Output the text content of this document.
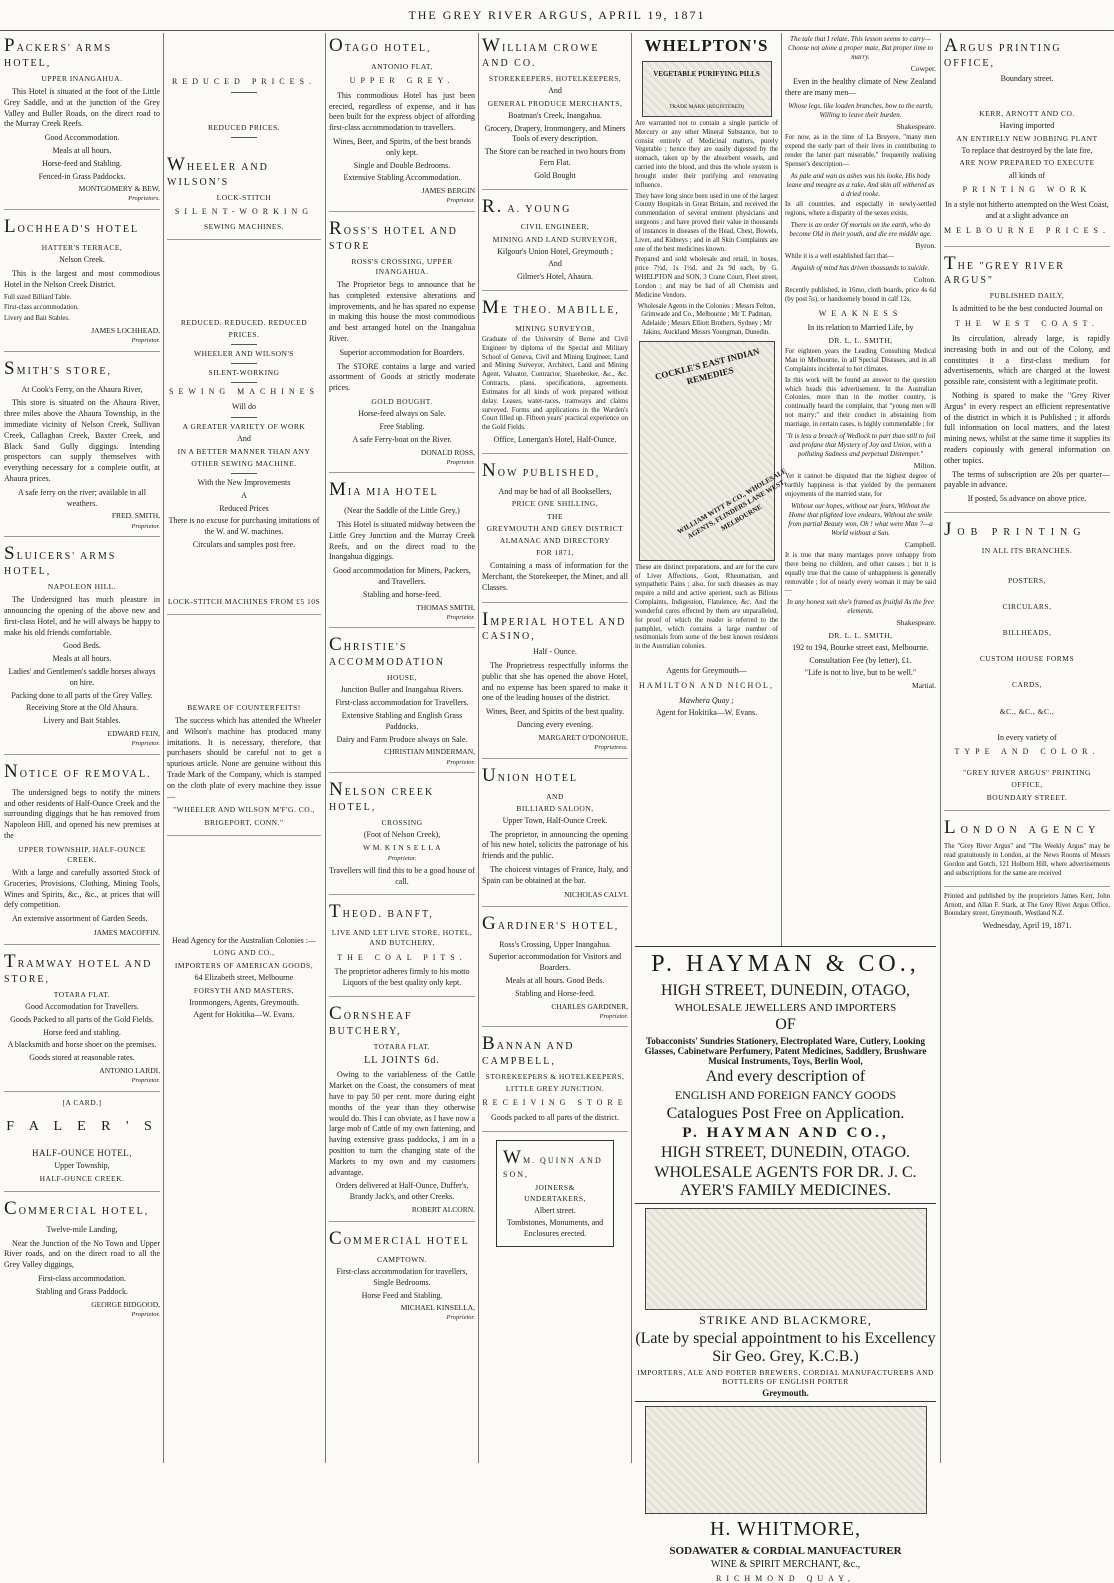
THE GREY RIVER ARGUS, APRIL 19, 1871
PACKERS' ARMS HOTEL,
UPPER INANGAHUA.
This Hotel is situated at the foot of the Little Grey Saddle, and at the junction of the Grey Valley and Buller Roads, on the direct road to the Murray Creek Reefs.
Good Accommodation.
Meals at all hours.
Horse-feed and Stabling.
Fenced-in Grass Paddocks.
MONTGOMERY & BEW,
Proprietors.
LOCHHEAD'S HOTEL
HATTER'S TERRACE,
Nelson Creek.
This is the largest and most commodious Hotel in the Nelson Creek District.
Full sized Billiard Table.
First-class accommodation.
Livery and Bait Stables.
JAMES LOCHHEAD,
Proprietor.
SMITH'S STORE,
At Cook's Ferry, on the Ahaura River,
This store is situated on the Ahaura River, three miles above the Ahaura Township, in the immediate vicinity of Nelson Creek, Sullivan Creek, Callaghan Creek, Baxter Creek, and Black Sand Gully diggings. Intending prospectors can supply themselves with everything necessary for a complete outfit, at Ahaura prices.
A safe ferry on the river; available in all weathers.
FRED. SMITH,
Proprietor.
SLUICERS' ARMS HOTEL,
NAPOLEON HILL.
The Undersigned has much pleasure in announcing the opening of the above new and first-class Hotel, and he will always be happy to make his old friends comfortable.
Good Beds.
Meals at all hours.
Ladies' and Gentlemen's saddle horses always on hire.
Packing done to all parts of the Grey Valley.
Receiving Store at the Old Ahaura.
Livery and Bait Stables.
EDWARD FEIN,
Proprietor.
NOTICE OF REMOVAL.
The undersigned begs to notify the miners and other residents of Half-Ounce Creek and the surrounding diggings that he has removed from Napoleon Hill, and opened his new premises at the
UPPER TOWNSHIP, HALF-OUNCE CREEK.
With a large and carefully assorted Stock of Groceries, Provisions, Clothing, Mining Tools, Wines and Spirits, &c., &c., at prices that will defy competition.
An extensive assortment of Garden Seeds.
JAMES MACOFFIN.
TRAMWAY HOTEL AND STORE,
TOTARA FLAT.
Good Accomodation for Travellers.
Goods Packed to all parts of the Gold Fields.
Horse feed and stabling.
A blacksmith and horse shoer on the premises.
Goods stored at reasonable rates.
ANTONIO LARDI,
Proprietor.
[A CARD.]
F A L E R ' S
HALF-OUNCE HOTEL,
Upper Township,
HALF-OUNCE CREEK.
COMMERCIAL HOTEL,
Twelve-mile Landing,
Near the Junction of the No Town and Upper River roads, and on the direct road to all the Grey Valley diggings,
First-class accommodation.
Stabling and Grass Paddock.
GEORGE BIDGOOD,
Proprietor.
REDUCED PRICES.
REDUCED PRICES.
WHEELER AND WILSON'S
LOCK-STITCH
SILENT-WORKING
SEWING MACHINES.
REDUCED. REDUCED. REDUCED
PRICES.
WHEELER AND WILSON'S
SILENT-WORKING
SEWING MACHINES
Will do
A GREATER VARIETY OF WORK
And
IN A BETTER MANNER THAN ANY
OTHER SEWING MACHINE.
With the New Improvements
A
Reduced Prices
There is no excuse for purchasing imitations of the W. and W. machines.
Circulars and samples post free.
LOCK-STITCH MACHINES FROM £5 10S
BEWARE OF COUNTERFEITS!
The success which has attended the Wheeler and Wilson's machine has produced many imitations. It is necessary, therefore, that purchasers should be careful not to get a spurious article. None are genuine without this Trade Mark of the Company, which is stamped on the cloth plate of every machine they issue—
"WHEELER AND WILSON M'F'G. CO.,
BRIGEPORT, CONN."
Head Agency for the Australian Colonies :—
LONG AND CO.,
IMPORTERS OF AMERICAN GOODS,
64 Elizabeth street, Melbourne
FORSYTH AND MASTERS,
Ironmongers, Agents, Greymouth.
Agent for Hokitika—W. Evans.
OTAGO HOTEL,
ANTONIO FLAT,
UPPER GREY.
This commodious Hotel has just been erected, regardless of expense, and it has been built for the express object of affording first-class accommodation to travellers.
Wines, Beer, and Spirits, of the best brands only kept.
Single and Double Bedrooms.
Extensive Stabling Accommodation.
JAMES BERGIN
Proprietor.
ROSS'S HOTEL AND STORE
ROSS'S CROSSING, UPPER INANGAHUA.
The Proprietor begs to announce that he has completed extensive alterations and improvements, and he has spared no expense in making this house the most commodious and best arranged hotel on the Inangahua River.
Superior accommodation for Boarders.
The STORE contains a large and varied assortment of Goods at strictly moderate prices.
GOLD BOUGHT.
Horse-feed always on Sale.
Free Stabling.
A safe Ferry-boat on the River.
DONALD ROSS,
Proprietor.
MIA MIA HOTEL
(Near the Saddle of the Little Grey.)
This Hotel is situated midway between the Little Grey Junction and the Murray Creek Reefs, and on the direct road to the Inangahua diggings.
Good accommodation for Miners, Packers, and Travellers.
Stabling and horse-feed.
THOMAS SMITH,
Proprietor.
CHRISTIE'S ACCOMMODATION
HOUSE,
Junction Buller and Inangahua Rivers.
First-class accommodation for Travellers.
Extensive Stabling and English Grass Paddocks.
Dairy and Farm Produce always on Sale.
CHRISTIAN MINDERMAN,
Proprietor.
NELSON CREEK HOTEL,
CROSSING
(Foot of Nelson Creek),
W M. K I N S E L L A
Proprietor.
Travellers will find this to be a good house of call.
THEOD. BANFT,
LIVE AND LET LIVE STORE, HOTEL, AND BUTCHERY,
THE COAL PITS.
The proprietor adheres firmly to his motto Liquors of the best quality only kept.
CORNSHEAF BUTCHERY,
TOTARA FLAT.
LL JOINTS 6d.
Owing to the variableness of the Cattle Market on the Coast, the consumers of meat have to pay 50 per cent. more during eight months of the year than they otherwise would do. This I can obviate, as I have now a large mob of Cattle of my own fattening, and having extensive grass paddocks, I am in a position to turn the changing state of the Markets to my own and my customers advantage.
Orders delivered at Half-Ounce, Duffer's, Brandy Jack's, and other Creeks.
ROBERT ALCORN.
COMMERCIAL HOTEL
CAMPTOWN.
First-class accommodation for travellers, Single Bedrooms.
Horse Feed and Stabling.
MICHAEL KINSELLA,
Proprietor.
WILLIAM CROWE AND CO.
STOREKEEPERS, HOTELKEEPERS,
And
GENERAL PRODUCE MERCHANTS,
Boatman's Creek, Inangahua.
Grocery, Drapery, Ironmongery, and Miners Tools of every description.
The Store can be reached in two hours from Fern Flat.
Gold Bought
R. A. YOUNG
CIVIL ENGINEER,
MINING AND LAND SURVEYOR,
Kilgour's Union Hotel, Greymouth ;
And
Gilmer's Hotel, Ahaura.
ME THEO. MABILLE,
MINING SURVEYOR,
Graduate of the University of Berne and Civil Engineer by diploma of the Special and Military School of Geneva, Civil and Mining Engineer, Land and Mining Surveyor, Architect, Land and Mining Agent, Valuator, Contractor, Sharebroker, &c., &c. Contracts, plans, specifications, agreements. Estimates for all kinds of work prepared without delay. Leases, water-races, tramways and claims surveyed. Forms and applications in the Warden's Court filled up. Fifteen years' practical experience on the Gold Fields.
Office, Lonergan's Hotel, Half-Ounce.
NOW PUBLISHED,
And may be had of all Booksellers,
PRICE ONE SHILLING,
THE
GREYMOUTH AND GREY DISTRICT
ALMANAC AND DIRECTORY
FOR 1871,
Containing a mass of information for the Merchant, the Storekeeper, the Miner, and all Classes.
IMPERIAL HOTEL AND CASINO,
Half - Ounce.
The Proprietress respectfully informs the public that she has opened the above Hotel, and no expense has been spared to make it one of the leading houses of the district.
Wines, Beer, and Spirits of the best quality.
Dancing every evening.
MARGARET O'DONOHUE,
Proprietress.
UNION HOTEL
AND
BILLIARD SALOON,
Upper Town, Half-Ounce Creek.
The proprietor, in announcing the opening of his new hotel, solicits the patronage of his friends and the public.
The choicest vintages of France, Italy, and Spain can be obtained at the bar.
NICHOLAS CALVI.
GARDINER'S HOTEL,
Ross's Crossing, Upper Inangahua.
Superior accommodation for Visitors and Boarders.
Meals at all hours. Good Beds.
Stabling and Horse-feed.
CHARLES GARDINER,
Proprietor.
BANNAN AND CAMPBELL,
STOREKEEPERS & HOTELKEEPERS,
LITTLE GREY JUNCTION.
RECEIVING STORE
Goods packed to all parts of the district.
WM. QUINN AND SON,
JOINERS& UNDERTAKERS,
Albert street.
Tombstones, Monuments, and Enclosures erected.
WHELPTON'S
VEGETABLE PURIFYING PILLS
TRADE MARK (REGISTERED)
Are warranted not to contain a single particle of Mercury or any other Mineral Substance, but to consist entirely of Medicinal matters, purely Vegetable ; hence they are easily digested by the stomach, taken up by the absorbent vessels, and carried into the blood, and thus the whole system is brought under their purifying and renovating influence.
They have long since been used in one of the largest County Hospitals in Great Britain, and received the commendation of several eminent physicians and surgeons ; and have proved their value in thousands of instances in diseases of the Head, Chest, Bowels, Liver, and Kidneys ; and in all Skin Complaints are one of the best medicines known.
Prepared and sold wholesale and retail, in boxes, price 7½d, 1s 1½d, and 2s 9d each, by G. WHELPTON and SON, 3 Crane Court, Fleet street, London ; and may be had of all Chemists and Medicine Vendors.
Wholesale Agents in the Colonies : Messrs Felton, Grimwade and Co., Melbourne ; Mr T. Padman, Adelaide ; Messrs Elliott Brothers, Sydney ; Mr Jakins, Auckland Messrs Youngman, Dunedin.
COCKLE'S EAST INDIAN REMEDIES
WILLIAM WITT & CO., WHOLESALE AGENTS, FLINDERS LANE WEST, MELBOURNE
These are distinct preparations, and are for the cure of Liver Affections, Gout, Rheumatism, and sympathetic Pains ; also, for such diseases as may require a mild and active aperient, such as Bilious Complaints, Indigestion, Flatulence, &c. And the wonderful cures effected by them are unparalleled, for proof of which the reader is referred to the pamphlet, which contains a large number of testimonials from some of the best known residents in the Australian colonies.
Agents for Greymouth—
HAMILTON AND NICHOL,
Mawhera Quay ;
Agent for Hokitika—W. Evans.
The tale that I relate, This lesson seems to carry— Choose not alone a proper mate, But proper time to marry.
Cowper.
Even in the healthy climate of New Zealand there are many men—
Whose legs, like loaden branches, bow to the earth, Willing to leave their burden.
Shakespeare.
For now, as in the time of La Bruyere, "many men expend the early part of their lives in contributing to render the latter part miserable," frequently realising Spenser's description—
As pale and wan as ashes was his looke, His body leane and meagre as a rake, And skin all withered as a dried rooke.
In all countries, and especially in newly-settled regions, where a disparity of the sexes exists,
There is an order Of mortals on the earth, who do become Old in their youth, and die ere middle age.
Byron.
While it is a well established fact that—
Anguish of mind has driven thousands to suicide.
Colton.
Recently published, in 16mo, cloth boards, price 4s 6d (by post 5s), or handsomely bound in calf 12s,
WEAKNESS
In its relation to Married Life, by
DR. L. L. SMITH,
For eighteen years the Leading Consulting Medical Man in Melbourne, in all Special Diseases, and in all Complaints incidental to hot climates.
In this work will be found an answer to the question which heads this advertisement. In the Australian Colonies, more than in the mother country, is continually heard the complaint, that "young men will not marry;" and their conduct in abstaining from marriage, in certain cases, is highly commendable ; for
"It is less a breach of Wedlock to part than still to foil and profane that Mystery of Joy and Union, with a polluting Sadness and perpetual Distemper."
Milton.
Yet it cannot be disputed that the highest degree of earthly happiness is that yielded by the permanent enjoyments of the married state, for
Without our hopes, without our fears, Without the Home that plighted love endears, Without the smile from partial Beauty won, Oh ! what were Man ?—a World without a Sun.
Campbell.
It is true that many marriages prove unhappy from there being no children, and other causes ; but it is equally true that the cause of unhappiness is generally removable ; for of nearly every woman it may be said—
In any honest suit she's framed as fruitful As the free elements.
Shakespeare.
DR. L. L. SMITH,
192 to 194, Bourke street east, Melbourne.
Consultation Fee (by letter), £1.
"Life is not to live, but to be well."
Martial.
ARGUS PRINTING OFFICE,
Boundary street.
KERR, ARNOTT AND CO.
Having imported
AN ENTIRELY NEW JOBBING PLANT
To replace that destroyed by the late fire,
ARE NOW PREPARED TO EXECUTE
all kinds of
PRINTING WORK
In a style not hitherto attempted on the West Coast, and at a slight advance on
MELBOURNE PRICES.
THE "GREY RIVER ARGUS"
PUBLISHED DAILY,
Is admitted to be the best conducted Journal on
THE WEST COAST.
Its circulation, already large, is rapidly increasing both in and out of the Colony, and constitutes it a first-class medium for advertisements, which are charged at the lowest possible rate, consistent with a legitimate profit.
Nothing is spared to make the "Grey River Argus" in every respect an efficient representative of the district in which it is Published ; it affords full information on local matters, and the latest mining news, whilst at the same time it supplies its readers copiously with general information on other topics.
The terms of subscription are 20s per quarter—payable in advance.
If posted, 5s advance on above price.
JOB PRINTING
IN ALL ITS BRANCHES.
POSTERS,
CIRCULARS,
BILLHEADS,
CUSTOM HOUSE FORMS
CARDS,
&C., &C., &C.,
In every variety of
TYPE AND COLOR.
"GREY RIVER ARGUS" PRINTING
OFFICE,
BOUNDARY STREET.
LONDON AGENCY
The "Grey River Argus" and "The Weekly Argus" may be read gratuitously in London, at the News Rooms of Messrs Gordon and Gotch, 121 Holborn Hill, where advertisements and subscriptions for the same are received
Printed and published by the proprietors James Kerr, John Arnott, and Allan F. Stark, at The Grey River Argus Office, Boundary street, Greymouth, Westland N.Z.
Wednesday, April 19, 1871.
P. HAYMAN & CO.,
HIGH STREET, DUNEDIN, OTAGO,
WHOLESALE JEWELLERS AND IMPORTERS
OF
Tobacconists' Sundries Stationery, Electroplated Ware, Cutlery, Looking Glasses, Cabinetware Perfumery, Patent Medicines, Saddlery, Brushware Musical Instruments, Toys, Berlin Wool,
And every description of
ENGLISH AND FOREIGN FANCY GOODS
Catalogues Post Free on Application.
P. HAYMAN AND CO.,
HIGH STREET, DUNEDIN, OTAGO.
WHOLESALE AGENTS FOR DR. J. C. AYER'S FAMILY MEDICINES.
STRIKE AND BLACKMORE,
(Late by special appointment to his Excellency Sir Geo. Grey, K.C.B.)
IMPORTERS, ALE AND PORTER BREWERS, CORDIAL MANUFACTURERS AND BOTTLERS OF ENGLISH PORTER
Greymouth.
H. WHITMORE,
SODAWATER & CORDIAL MANUFACTURER
WINE & SPIRIT MERCHANT, &c.,
RICHMOND QUAY,
